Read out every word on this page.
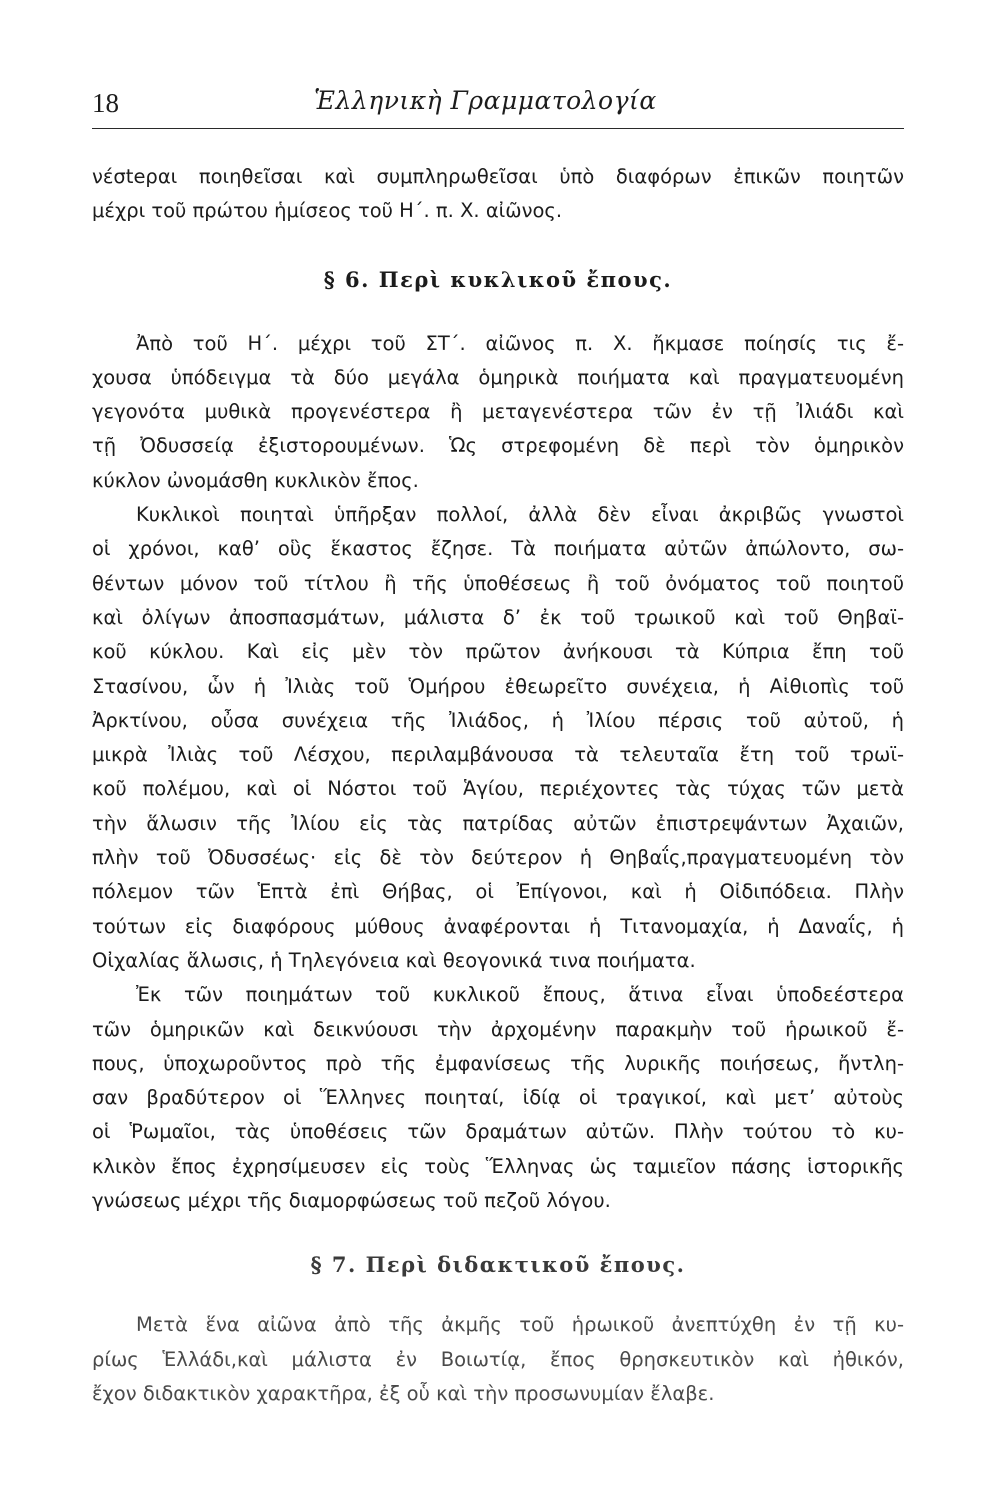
18	Ἑλληνικὴ Γραμματολογία
νέσteραι ποιηθεῖσαι καὶ συμπληρωθεῖσαι ὑπὸ διαφόρων ἐπικῶν ποιητῶν
μέχρι τοῦ πρώτου ἡμίσεος τοῦ Η΄. π. Χ. αἰῶνος.
§ 6. Περὶ κυκλικοῦ ἔπους.
Ἀπὸ τοῦ Η΄. μέχρι τοῦ ΣΤ΄. αἰῶνος π. Χ. ἤκμασε ποίησίς τις ἔ-
χουσα ὑπόδειγμα τὰ δύο μεγάλα ὁμηρικὰ ποιήματα καὶ πραγματευομένη
γεγονότα μυθικὰ προγενέστερα ἢ μεταγενέστερα τῶν ἐν τῇ Ἰλιάδι καὶ
τῇ Ὀδυσσείᾳ ἐξιστορουμένων. Ὡς στρεφομένη δὲ περὶ τὸν ὁμηρικὸν
κύκλον ὠνομάσθη κυκλικὸν ἔπος.
Κυκλικοὶ ποιηταὶ ὑπῆρξαν πολλοί, ἀλλὰ δὲν εἶναι ἀκριβῶς γνωστοὶ
οἱ χρόνοι, καθ’ οὓς ἕκαστος ἔζησε. Τὰ ποιήματα αὐτῶν ἀπώλοντο, σω-
θέντων μόνον τοῦ τίτλου ἢ τῆς ὑποθέσεως ἢ τοῦ ὀνόματος τοῦ ποιητοῦ
καὶ ὀλίγων ἀποσπασμάτων, μάλιστα δ’ ἐκ τοῦ τρωικοῦ καὶ τοῦ Θηβαϊ-
κοῦ κύκλου. Καὶ εἰς μὲν τὸν πρῶτον ἀνήκουσι τὰ Κύπρια ἔπη τοῦ
Στασίνου, ὧν ἡ Ἰλιὰς τοῦ Ὁμήρου ἐθεωρεῖτο συνέχεια, ἡ Αἰθιοπὶς τοῦ
Ἀρκτίνου, οὖσα συνέχεια τῆς Ἰλιάδος, ἡ Ἰλίου πέρσις τοῦ αὐτοῦ, ἡ
μικρὰ Ἰλιὰς τοῦ Λέσχου, περιλαμβάνουσα τὰ τελευταῖα ἔτη τοῦ τρωϊ-
κοῦ πολέμου, καὶ οἱ Νόστοι τοῦ Ἁγίου, περιέχοντες τὰς τύχας τῶν μετὰ
τὴν ἅλωσιν τῆς Ἰλίου εἰς τὰς πατρίδας αὐτῶν ἐπιστρεψάντων Ἀχαιῶν,
πλὴν τοῦ Ὀδυσσέως· εἰς δὲ τὸν δεύτερον ἡ Θηβαΐς,πραγματευομένη τὸν
πόλεμον τῶν Ἑπτὰ ἐπὶ Θήβας, οἱ Ἐπίγονοι, καὶ ἡ Οἰδιπόδεια. Πλὴν
τούτων εἰς διαφόρους μύθους ἀναφέρονται ἡ Τιτανομαχία, ἡ Δαναΐς, ἡ
Οἰχαλίας ἅλωσις, ἡ Τηλεγόνεια καὶ θεογονικά τινα ποιήματα.
Ἐκ τῶν ποιημάτων τοῦ κυκλικοῦ ἔπους, ἅτινα εἶναι ὑποδεέστερα
τῶν ὁμηρικῶν καὶ δεικνύουσι τὴν ἀρχομένην παρακμὴν τοῦ ἡρωικοῦ ἔ-
πους, ὑποχωροῦντος πρὸ τῆς ἐμφανίσεως τῆς λυρικῆς ποιήσεως, ἤντλη-
σαν βραδύτερον οἱ Ἕλληνες ποιηταί, ἰδίᾳ οἱ τραγικοί, καὶ μετ’ αὐτοὺς
οἱ Ῥωμαῖοι, τὰς ὑποθέσεις τῶν δραμάτων αὐτῶν. Πλὴν τούτου τὸ κυ-
κλικὸν ἔπος ἐχρησίμευσεν εἰς τοὺς Ἕλληνας ὡς ταμιεῖον πάσης ἱστορικῆς
γνώσεως μέχρι τῆς διαμορφώσεως τοῦ πεζοῦ λόγου.
§ 7. Περὶ διδακτικοῦ ἔπους.
Μετὰ ἕνα αἰῶνα ἀπὸ τῆς ἀκμῆς τοῦ ἡρωικοῦ ἀνεπτύχθη ἐν τῇ κυ-
ρίως Ἑλλάδι,καὶ μάλιστα ἐν Βοιωτίᾳ, ἔπος θρησκευτικὸν καὶ ἠθικόν,
ἔχον διδακτικὸν χαρακτῆρα, ἐξ οὗ καὶ τὴν προσωνυμίαν ἔλαβε.
